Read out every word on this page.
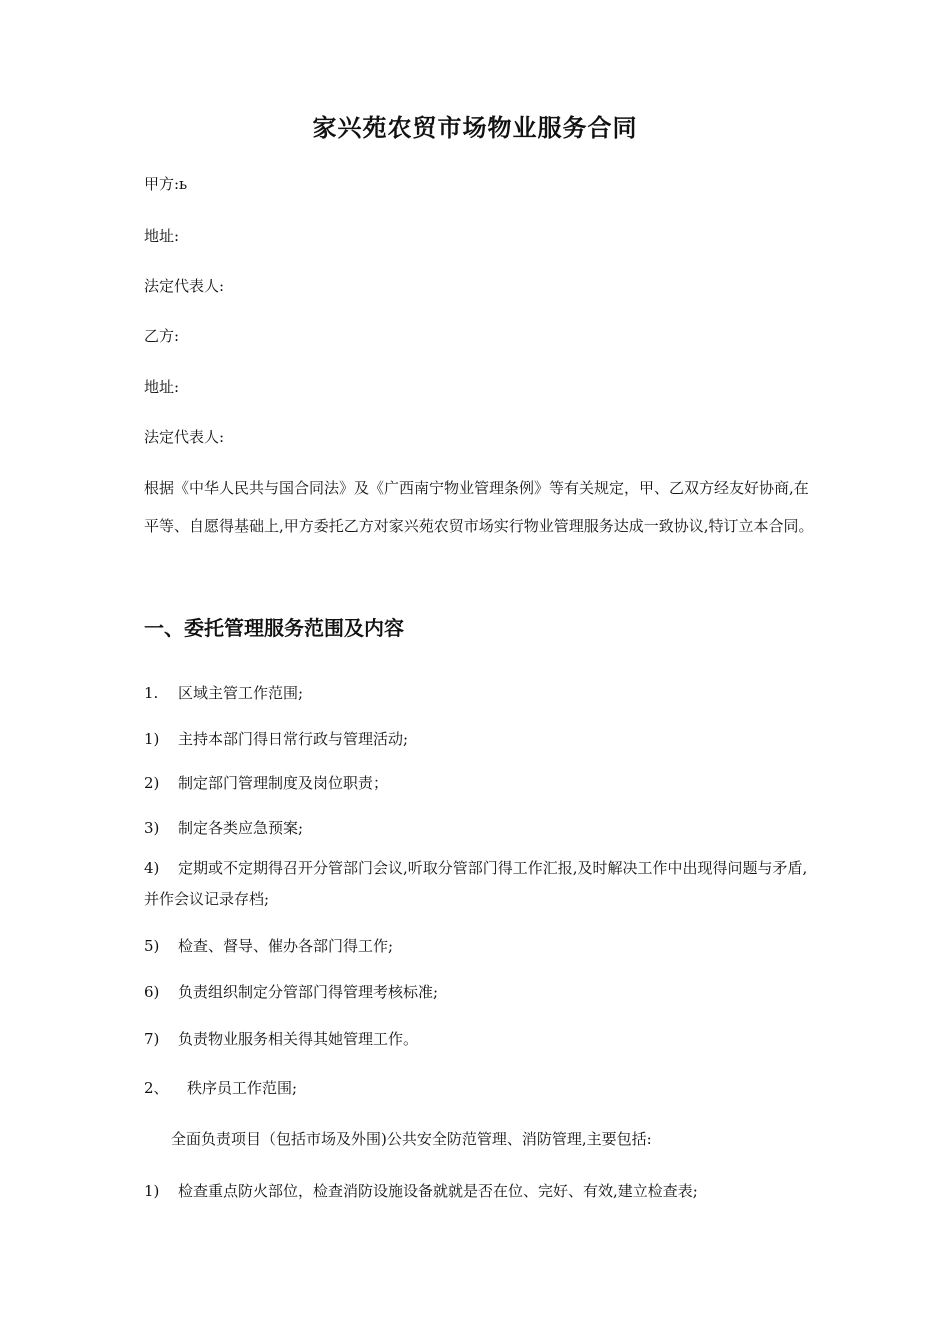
家兴苑农贸市场物业服务合同

甲方:ь

地址:

法定代表人:

乙方:

地址:

法定代表人:

根据《中华人民共与国合同法》及《广西南宁物业管理条例》等有关规定，甲、乙双方经友好协商,在平等、自愿得基础上,甲方委托乙方对家兴苑农贸市场实行物业管理服务达成一致协议,特订立本合同。

一、委托管理服务范围及内容

1. 区域主管工作范围;

1) 主持本部门得日常行政与管理活动;

2) 制定部门管理制度及岗位职责；

3) 制定各类应急预案;

4) 定期或不定期得召开分管部门会议,听取分管部门得工作汇报,及时解决工作中出现得问题与矛盾,并作会议记录存档;

5) 检查、督导、催办各部门得工作;

6) 负责组织制定分管部门得管理考核标准;

7) 负责物业服务相关得其她管理工作。

2、 秩序员工作范围;

全面负责项目（包括市场及外围)公共安全防范管理、消防管理,主要包括:

1) 检查重点防火部位，检查消防设施设备就就是否在位、完好、有效,建立检查表;
